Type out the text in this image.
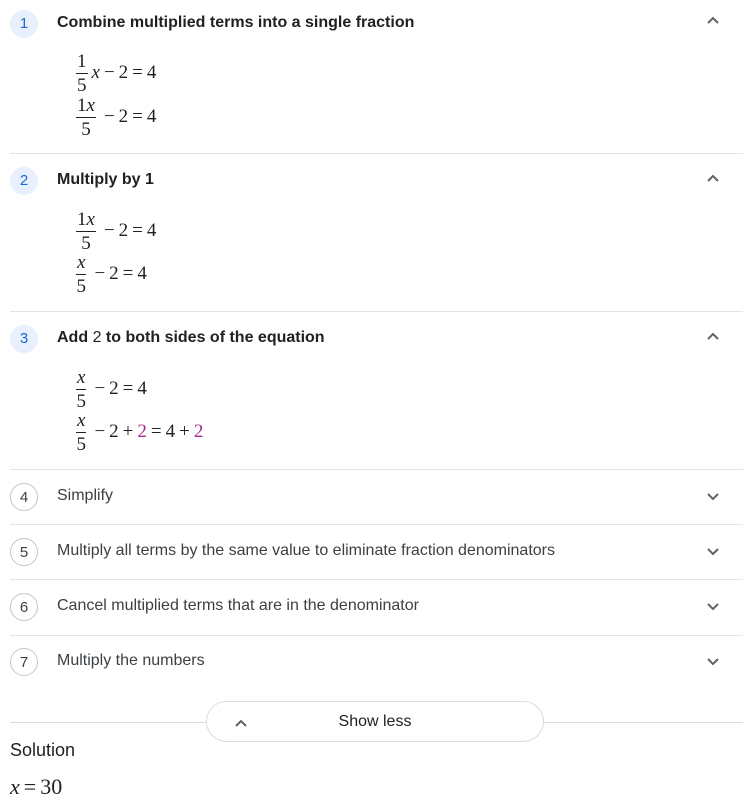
1	Combine multiplied terms into a single fraction
$\frac{1}{5}$ x − 2 = 4
$\frac{1x}{5} - 2 = 4$
2	Multiply by 1
$\frac{1x}{5} - 2 = 4$
$\frac{x}{5} - 2 = 4$
3	Add 2 to both sides of the equation
$\frac{x}{5} - 2 = 4$
$\frac{x}{5} - 2 + 2 = 4 + 2$
4	Simplify
5	Multiply all terms by the same value to eliminate fraction denominators
6	Cancel multiplied terms that are in the denominator
7	Multiply the numbers
Show less
Solution
x = 30
